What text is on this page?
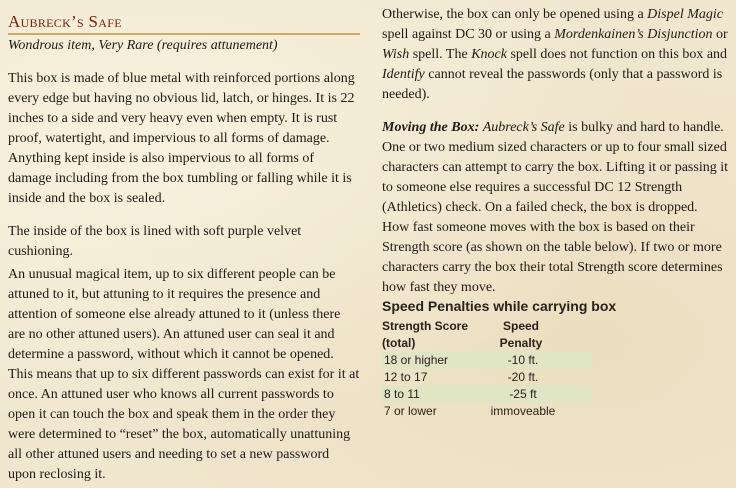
Aubreck’s Safe
Wondrous item, Very Rare (requires attunement)

This box is made of blue metal with reinforced portions along every edge but having no obvious lid, latch, or hinges. It is 22 inches to a side and very heavy even when empty. It is rust proof, watertight, and impervious to all forms of damage. Anything kept inside is also impervious to all forms of damage including from the box tumbling or falling while it is inside and the box is sealed.

The inside of the box is lined with soft purple velvet cushioning.

An unusual magical item, up to six different people can be attuned to it, but attuning to it requires the presence and attention of someone else already attuned to it (unless there are no other attuned users). An attuned user can seal it and determine a password, without which it cannot be opened. This means that up to six different passwords can exist for it at once. An attuned user who knows all current passwords to open it can touch the box and speak them in the order they were determined to “reset” the box, automatically unattuning all other attuned users and needing to set a new password upon reclosing it.

Otherwise, the box can only be opened using a Dispel Magic spell against DC 30 or using a Mordenkainen’s Disjunction or Wish spell. The Knock spell does not function on this box and Identify cannot reveal the passwords (only that a password is needed).

Moving the Box: Aubreck’s Safe is bulky and hard to handle. One or two medium sized characters or up to four small sized characters can attempt to carry the box. Lifting it or passing it to someone else requires a successful DC 12 Strength (Athletics) check. On a failed check, the box is dropped. How fast someone moves with the box is based on their Strength score (as shown on the table below). If two or more characters carry the box their total Strength score determines how fast they move.

Speed Penalties while carrying box
Strength Score	Speed
(total)	Penalty
18 or higher	-10 ft.
12 to 17	-20 ft.
8 to 11	-25 ft
7 or lower	immoveable
